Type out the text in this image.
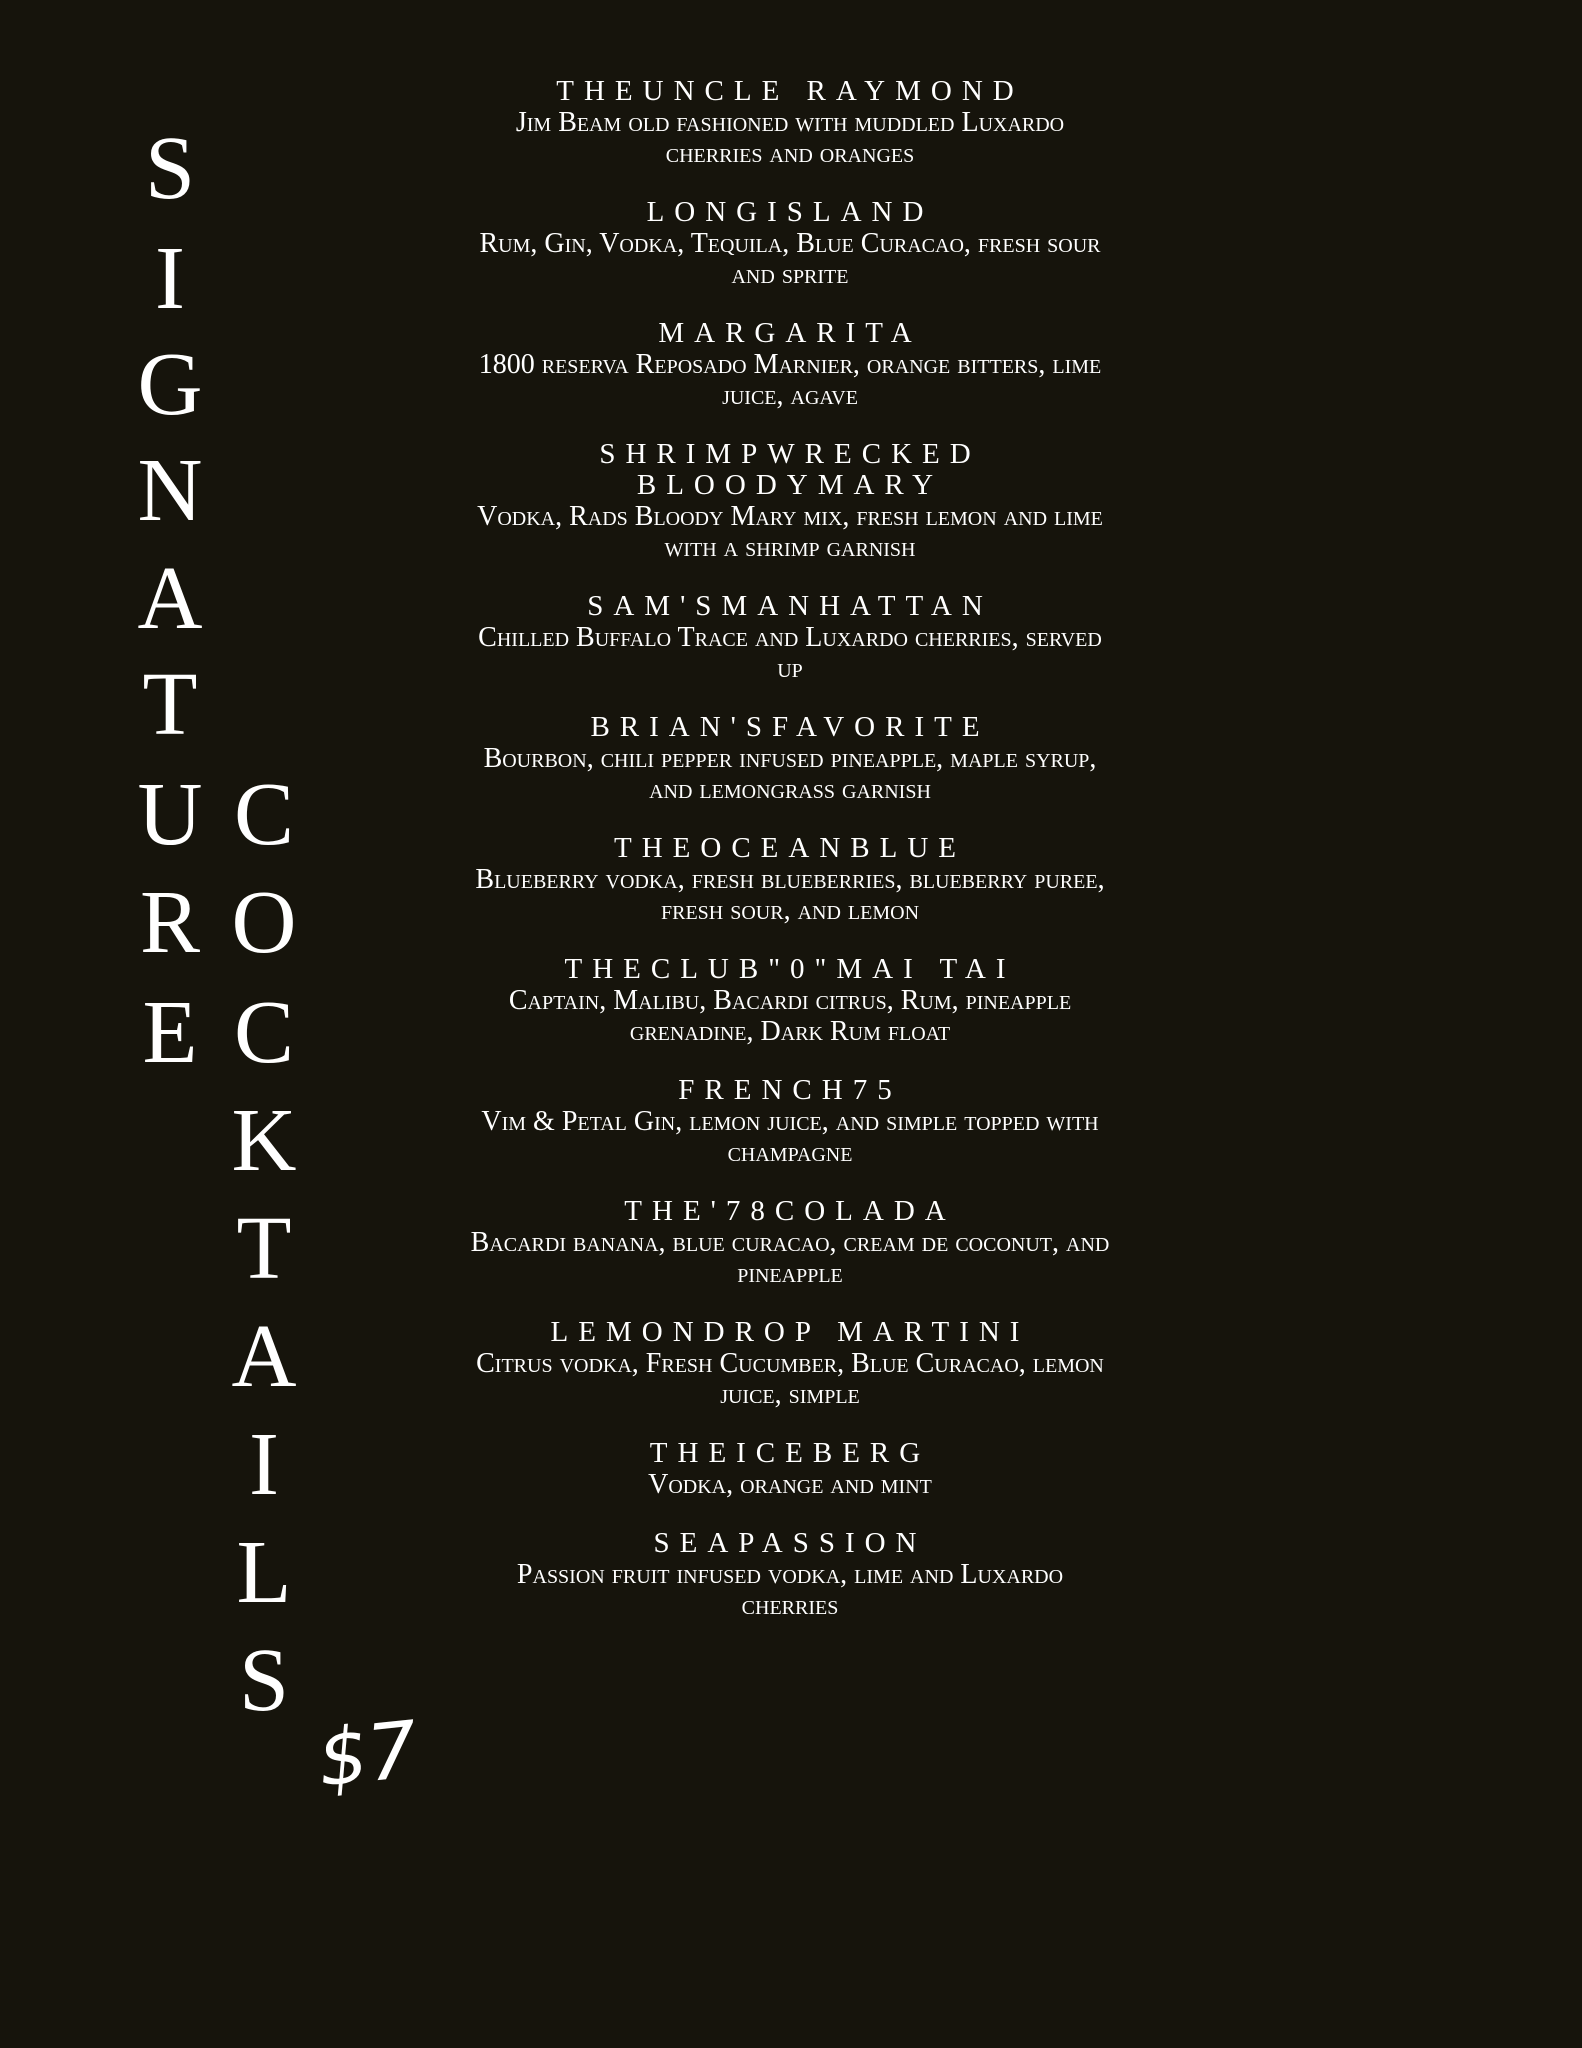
S
I
G
N
A
T
U
R
E
C
O
C
K
T
A
I
L
S
$7
THEUNCLE RAYMOND
Jim Beam old fashioned with muddled Luxardo cherries and oranges
LONGISLAND
Rum, Gin, Vodka, Tequila, Blue Curacao, fresh sour and sprite
MARGARITA
1800 reserva Reposado Marnier, orange bitters, lime juice, agave
SHRIMPWRECKED BLOODYMARY
Vodka, Rads Bloody Mary mix, fresh lemon and lime with a shrimp garnish
SAM'SMANHATTAN
Chilled Buffalo Trace and Luxardo cherries, served up
BRIAN'SFAVORITE
Bourbon, chili pepper infused pineapple, maple syrup, and lemongrass garnish
THEOCEANBLUE
Blueberry vodka, fresh blueberries, blueberry puree, fresh sour, and lemon
THECLUB"0"MAI TAI
Captain, Malibu, Bacardi citrus, Rum, pineapple grenadine, Dark Rum float
FRENCH75
Vim & Petal Gin, lemon juice, and simple topped with champagne
THE'78COLADA
Bacardi banana, blue curacao, cream de coconut, and pineapple
LEMONDROP MARTINI
Citrus vodka, Fresh Cucumber, Blue Curacao, lemon juice, simple
THEICEBERG
Vodka, orange and mint
SEAPASSION
Passion fruit infused vodka, lime and Luxardo cherries
